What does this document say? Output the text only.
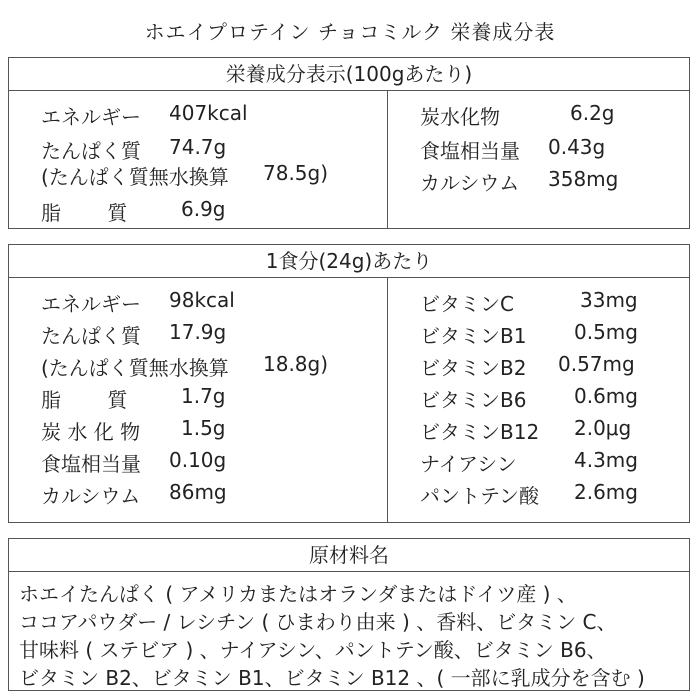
ホエイプロテイン チョコミルク 栄養成分表
栄養成分表示(100gあたり)
エネルギー 407kcal
たんぱく質 74.7g
(たんぱく質無水換算 78.5g)
脂　　 質	6.9g
炭水化物	6.2g
食塩相当量 0.43g
カルシウム 358mg
1食分(24g)あたり
エネルギー 98kcal
たんぱく質 17.9g
(たんぱく質無水換算 18.8g)
脂　　 質	1.7g
炭 水 化 物 1.5g
食塩相当量 0.10g
カルシウム 86mg
ビタミンC	33mg
ビタミンB1 0.5mg
ビタミンB2 0.57mg
ビタミンB6 0.6mg
ビタミンB12 2.0μg
ナイアシン	4.3mg
パントテン酸 2.6mg
原材料名
ホエイたんぱく ( アメリカまたはオランダまたはドイツ産 ) 、
ココアパウダー / レシチン ( ひまわり由来 ) 、香料、ビタミン C、
甘味料 ( ステビア ) 、ナイアシン、パントテン酸、ビタミン B6、
ビタミン B2、ビタミン B1、ビタミン B12 、( 一部に乳成分を含む )
